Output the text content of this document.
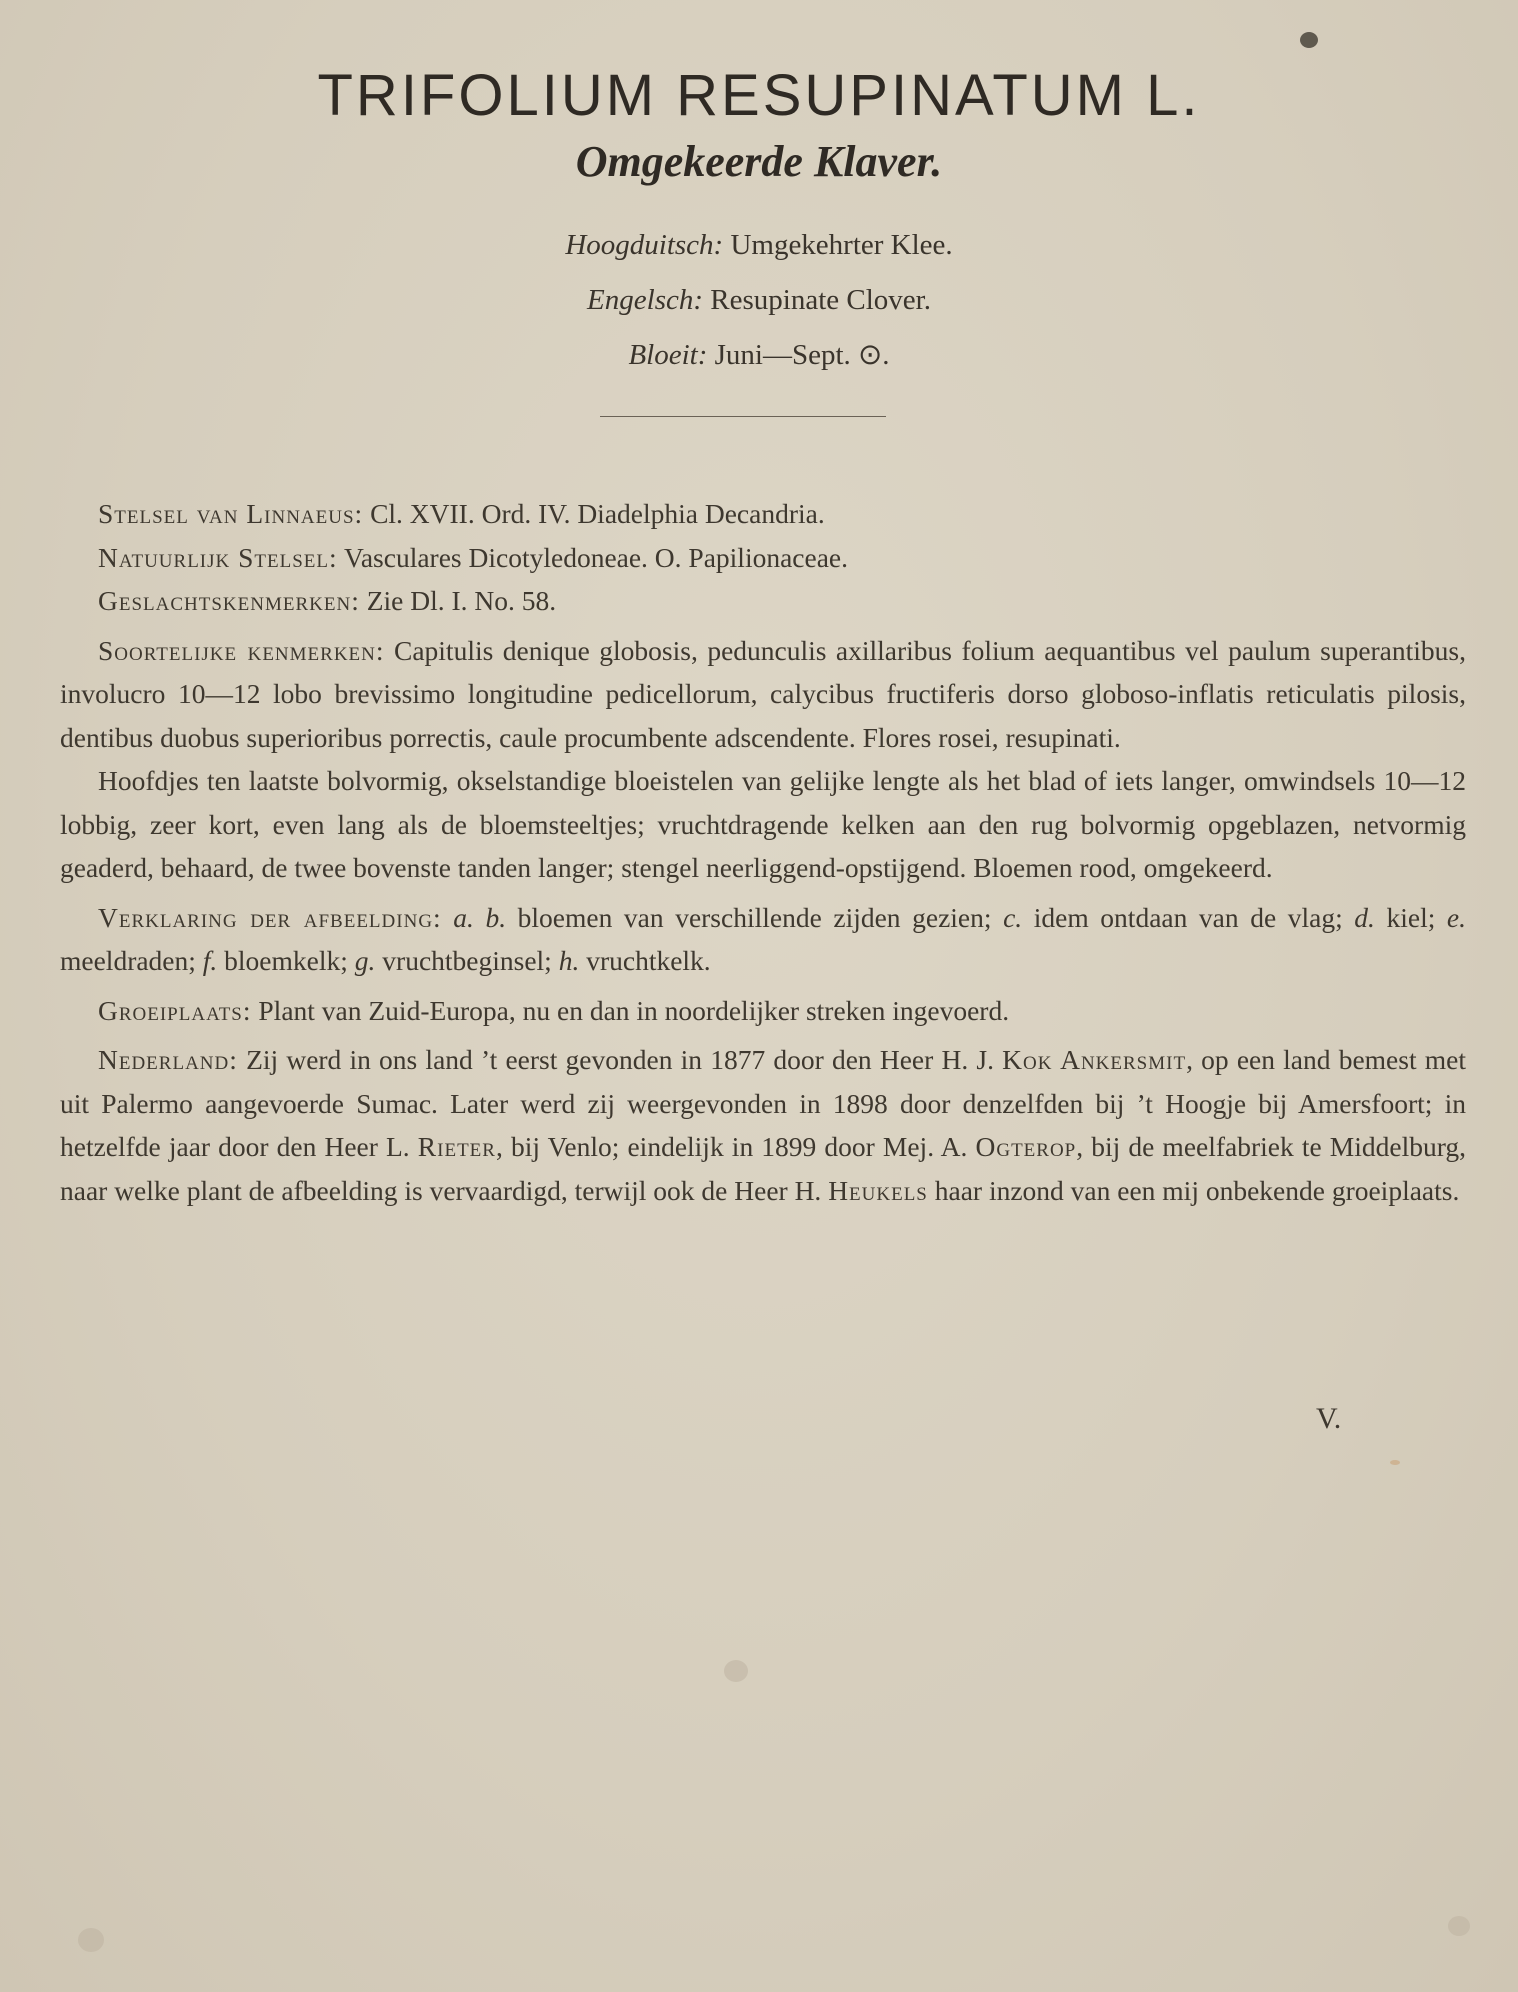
TRIFOLIUM RESUPINATUM L.
Omgekeerde Klaver.
Hoogduitsch: Umgekehrter Klee.
Engelsch: Resupinate Clover.
Bloeit: Juni—Sept. ⊙.

Stelsel van Linnaeus: Cl. XVII. Ord. IV. Diadelphia Decandria.

Natuurlijk Stelsel: Vasculares Dicotyledoneae. O. Papilionaceae.

Geslachtskenmerken: Zie Dl. I. No. 58.

Soortelijke kenmerken: Capitulis denique globosis, pedunculis axillaribus folium aequantibus vel paulum superantibus, involucro 10—12 lobo brevissimo longitudine pedicellorum, calycibus fructiferis dorso globoso-inflatis reticulatis pilosis, dentibus duobus superioribus porrectis, caule procumbente adscendente. Flores rosei, resupinati.

Hoofdjes ten laatste bolvormig, okselstandige bloeistelen van gelijke lengte als het blad of iets langer, omwindsels 10—12 lobbig, zeer kort, even lang als de bloemsteeltjes; vruchtdragende kelken aan den rug bolvormig opgeblazen, netvormig geaderd, behaard, de twee bovenste tanden langer; stengel neerliggend-opstijgend. Bloemen rood, omgekeerd.

Verklaring der afbeelding: a. b. bloemen van verschillende zijden gezien; c. idem ontdaan van de vlag; d. kiel; e. meeldraden; f. bloemkelk; g. vruchtbeginsel; h. vruchtkelk.

Groeiplaats: Plant van Zuid-Europa, nu en dan in noordelijker streken ingevoerd.

Nederland: Zij werd in ons land ’t eerst gevonden in 1877 door den Heer H. J. Kok Ankersmit, op een land bemest met uit Palermo aangevoerde Sumac. Later werd zij weergevonden in 1898 door denzelfden bij ’t Hoogje bij Amersfoort; in hetzelfde jaar door den Heer L. Rieter, bij Venlo; eindelijk in 1899 door Mej. A. Ogterop, bij de meelfabriek te Middelburg, naar welke plant de afbeelding is vervaardigd, terwijl ook de Heer H. Heukels haar inzond van een mij onbekende groeiplaats.

V.
